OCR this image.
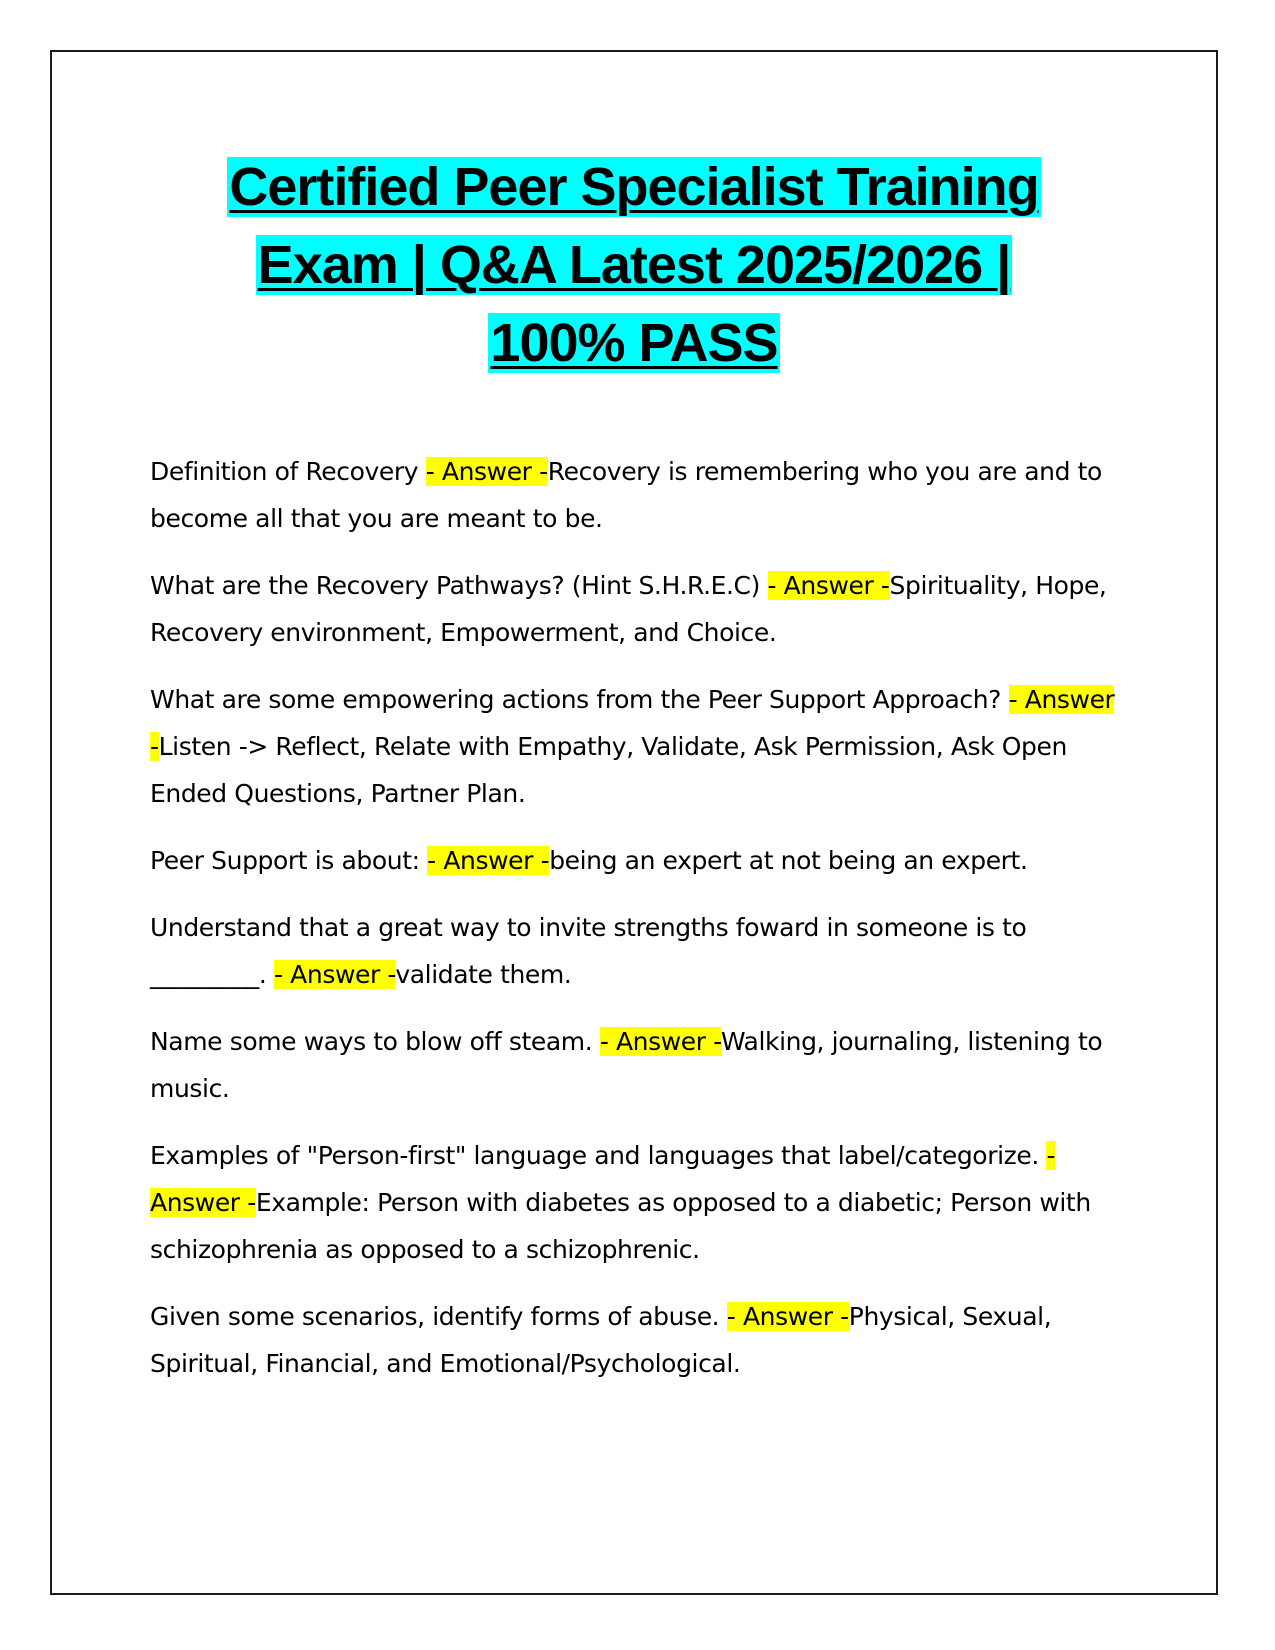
Certified Peer Specialist Training
Exam | Q&A Latest 2025/2026 |
100% PASS

Definition of Recovery - Answer -Recovery is remembering who you are and to become all that you are meant to be.

What are the Recovery Pathways? (Hint S.H.R.E.C) - Answer -Spirituality, Hope, Recovery environment, Empowerment, and Choice.

What are some empowering actions from the Peer Support Approach? - Answer -Listen -> Reflect, Relate with Empathy, Validate, Ask Permission, Ask Open Ended Questions, Partner Plan.

Peer Support is about: - Answer -being an expert at not being an expert.

Understand that a great way to invite strengths foward in someone is to _________. - Answer -validate them.

Name some ways to blow off steam. - Answer -Walking, journaling, listening to music.

Examples of "Person-first" language and languages that label/categorize. - Answer -Example: Person with diabetes as opposed to a diabetic; Person with schizophrenia as opposed to a schizophrenic.

Given some scenarios, identify forms of abuse. - Answer -Physical, Sexual, Spiritual, Financial, and Emotional/Psychological.
